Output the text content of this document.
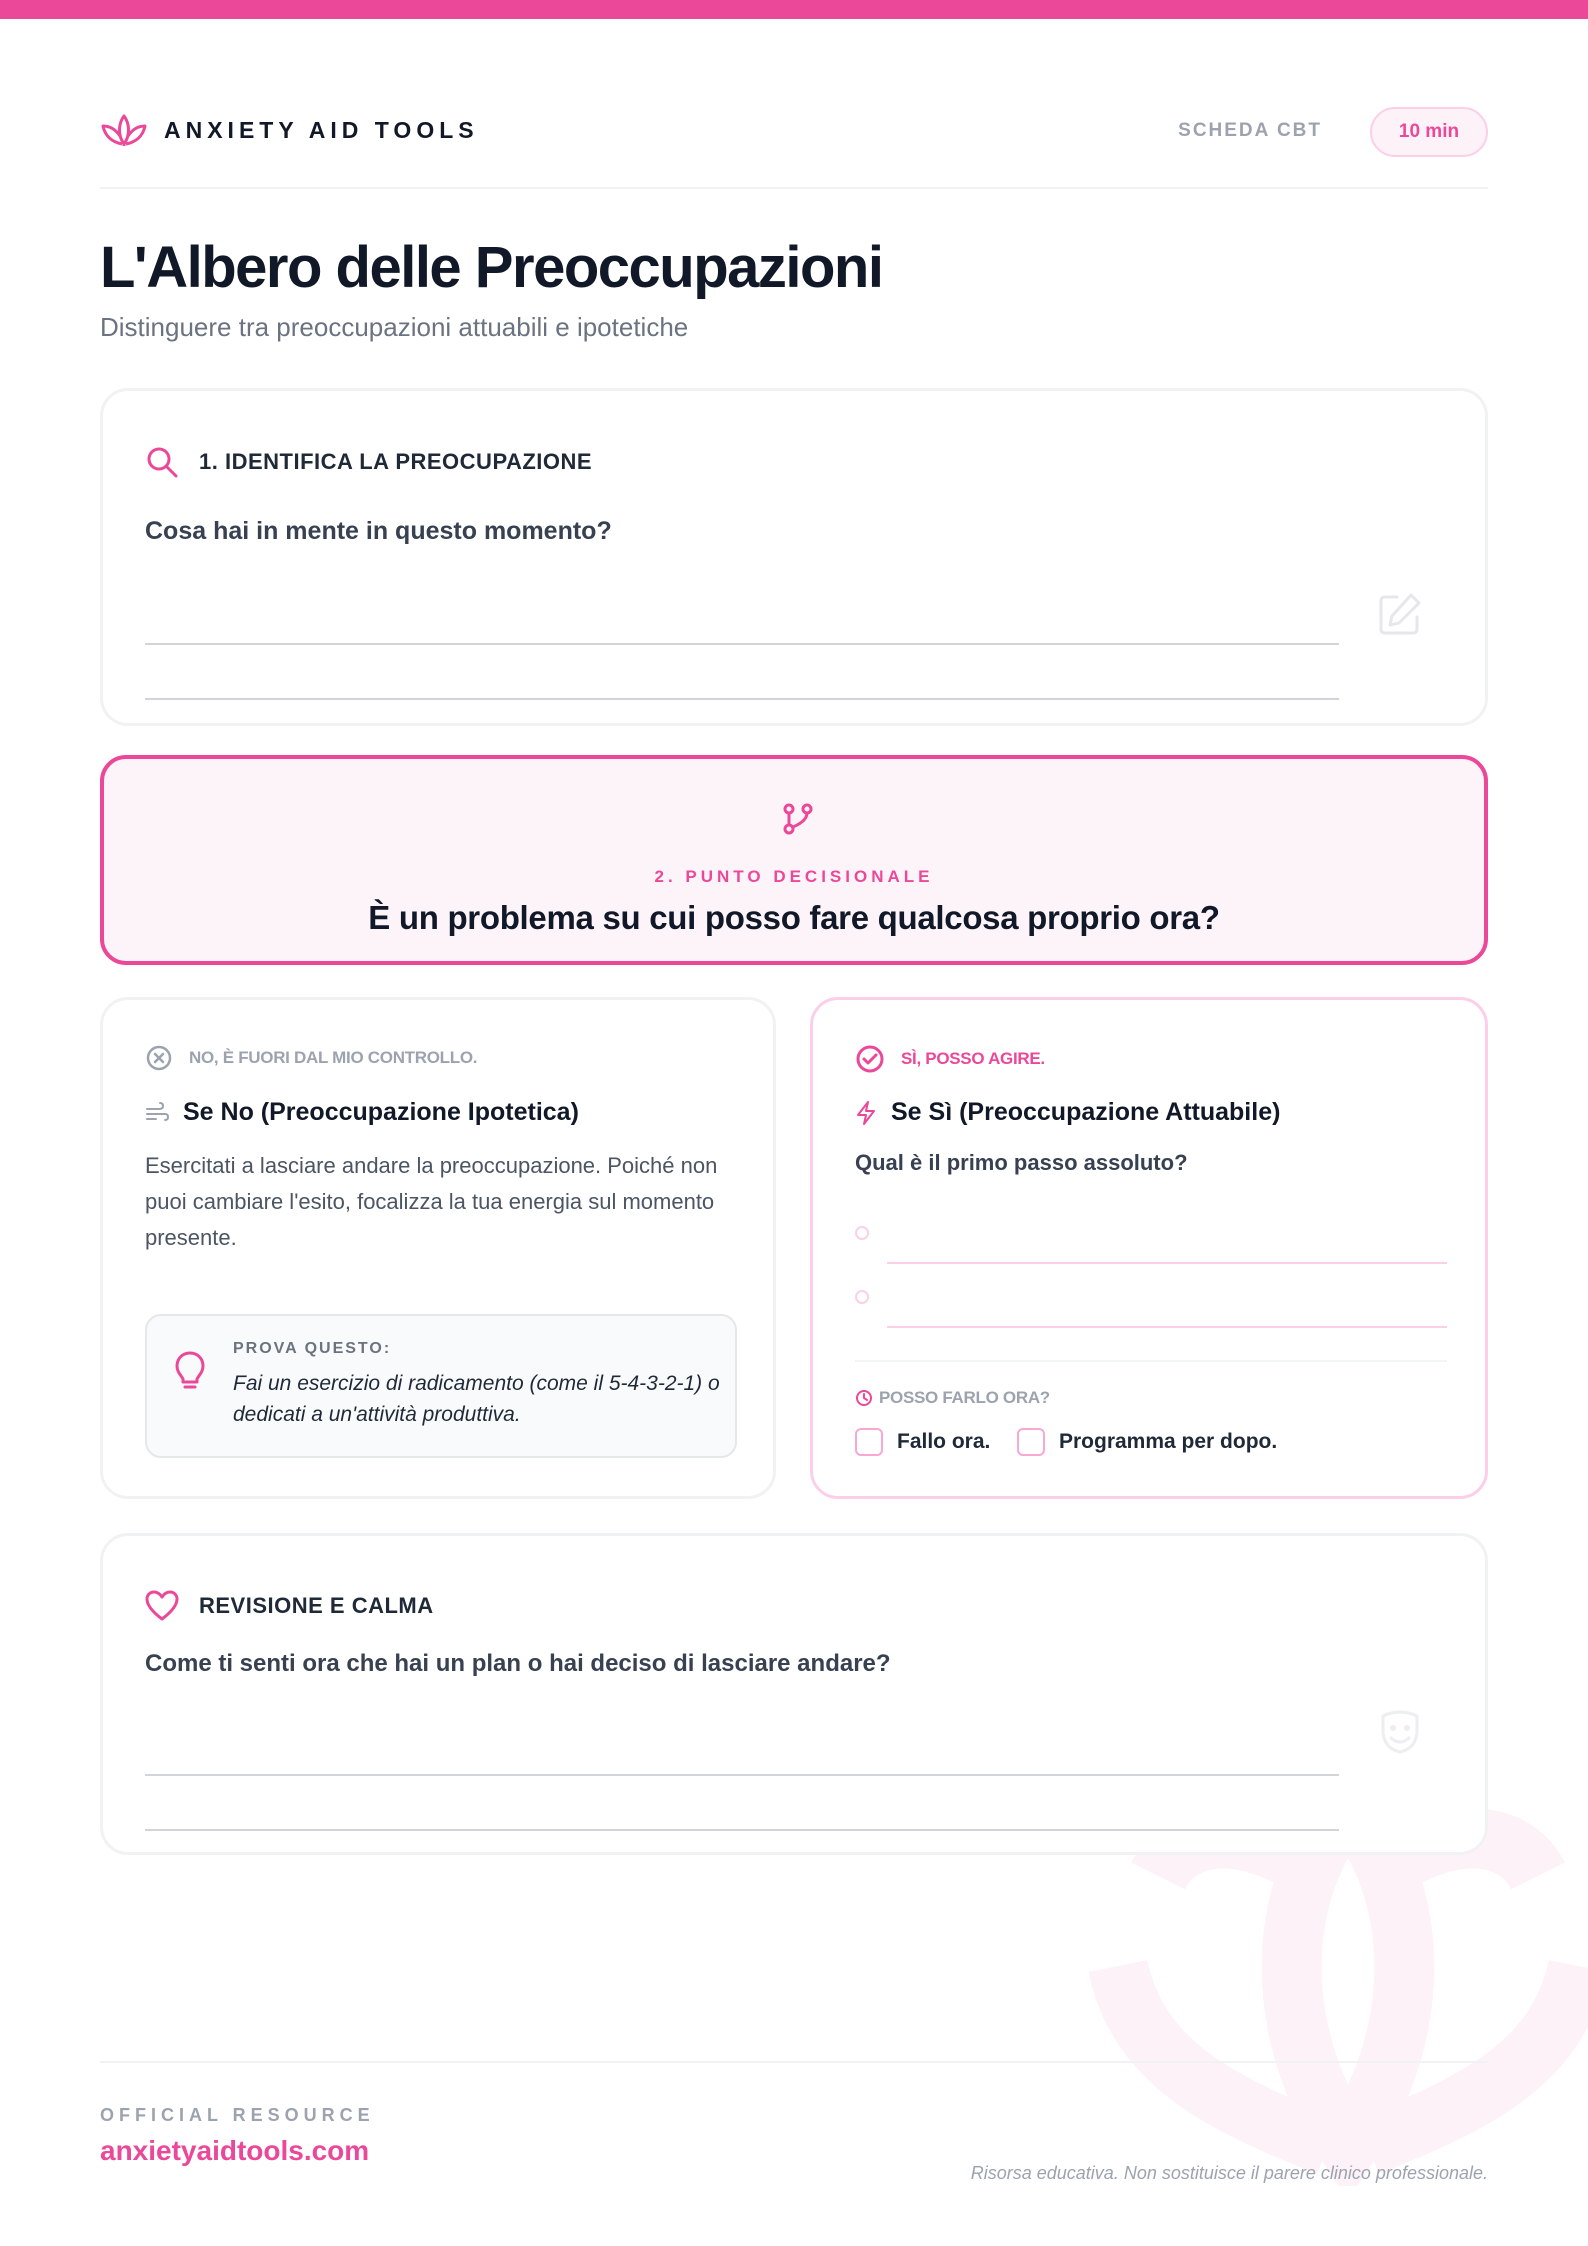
ANXIETY AID TOOLS	SCHEDA CBT	10 min
L'Albero delle Preoccupazioni
Distinguere tra preoccupazioni attuabili e ipotetiche
1. IDENTIFICA LA PREOCUPAZIONE
Cosa hai in mente in questo momento?
2. PUNTO DECISIONALE
È un problema su cui posso fare qualcosa proprio ora?
NO, È FUORI DAL MIO CONTROLLO.
Se No (Preoccupazione Ipotetica)
Esercitati a lasciare andare la preoccupazione. Poiché non puoi cambiare l'esito, focalizza la tua energia sul momento presente.
PROVA QUESTO:
Fai un esercizio di radicamento (come il 5-4-3-2-1) o dedicati a un'attività produttiva.
SÌ, POSSO AGIRE.
Se Sì (Preoccupazione Attuabile)
Qual è il primo passo assoluto?
POSSO FARLO ORA?
Fallo ora.	Programma per dopo.
REVISIONE E CALMA
Come ti senti ora che hai un plan o hai deciso di lasciare andare?
OFFICIAL RESOURCE
anxietyaidtools.com
Risorsa educativa. Non sostituisce il parere clinico professionale.
